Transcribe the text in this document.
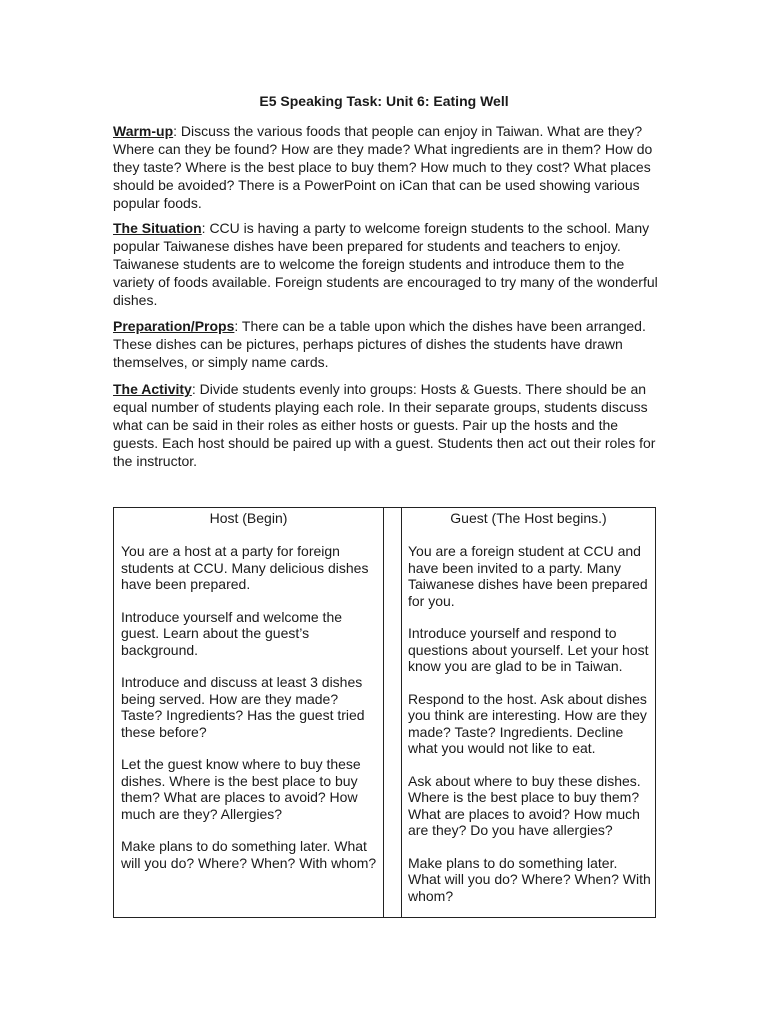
E5 Speaking Task: Unit 6: Eating Well

Warm-up: Discuss the various foods that people can enjoy in Taiwan. What are they? Where can they be found? How are they made? What ingredients are in them? How do they taste? Where is the best place to buy them? How much to they cost? What places should be avoided? There is a PowerPoint on iCan that can be used showing various popular foods.

The Situation: CCU is having a party to welcome foreign students to the school. Many popular Taiwanese dishes have been prepared for students and teachers to enjoy. Taiwanese students are to welcome the foreign students and introduce them to the variety of foods available. Foreign students are encouraged to try many of the wonderful dishes.

Preparation/Props: There can be a table upon which the dishes have been arranged. These dishes can be pictures, perhaps pictures of dishes the students have drawn themselves, or simply name cards.

The Activity: Divide students evenly into groups: Hosts & Guests. There should be an equal number of students playing each role. In their separate groups, students discuss what can be said in their roles as either hosts or guests. Pair up the hosts and the guests. Each host should be paired up with a guest. Students then act out their roles for the instructor.

Host (Begin)

You are a host at a party for foreign students at CCU. Many delicious dishes have been prepared.

Introduce yourself and welcome the guest. Learn about the guest’s background.

Introduce and discuss at least 3 dishes being served. How are they made? Taste? Ingredients? Has the guest tried these before?

Let the guest know where to buy these dishes. Where is the best place to buy them? What are places to avoid? How much are they? Allergies?

Make plans to do something later. What will you do? Where? When? With whom?

Guest (The Host begins.)

You are a foreign student at CCU and have been invited to a party. Many Taiwanese dishes have been prepared for you.

Introduce yourself and respond to questions about yourself. Let your host know you are glad to be in Taiwan.

Respond to the host. Ask about dishes you think are interesting. How are they made? Taste? Ingredients. Decline what you would not like to eat.

Ask about where to buy these dishes. Where is the best place to buy them? What are places to avoid? How much are they? Do you have allergies?

Make plans to do something later. What will you do? Where? When? With whom?
